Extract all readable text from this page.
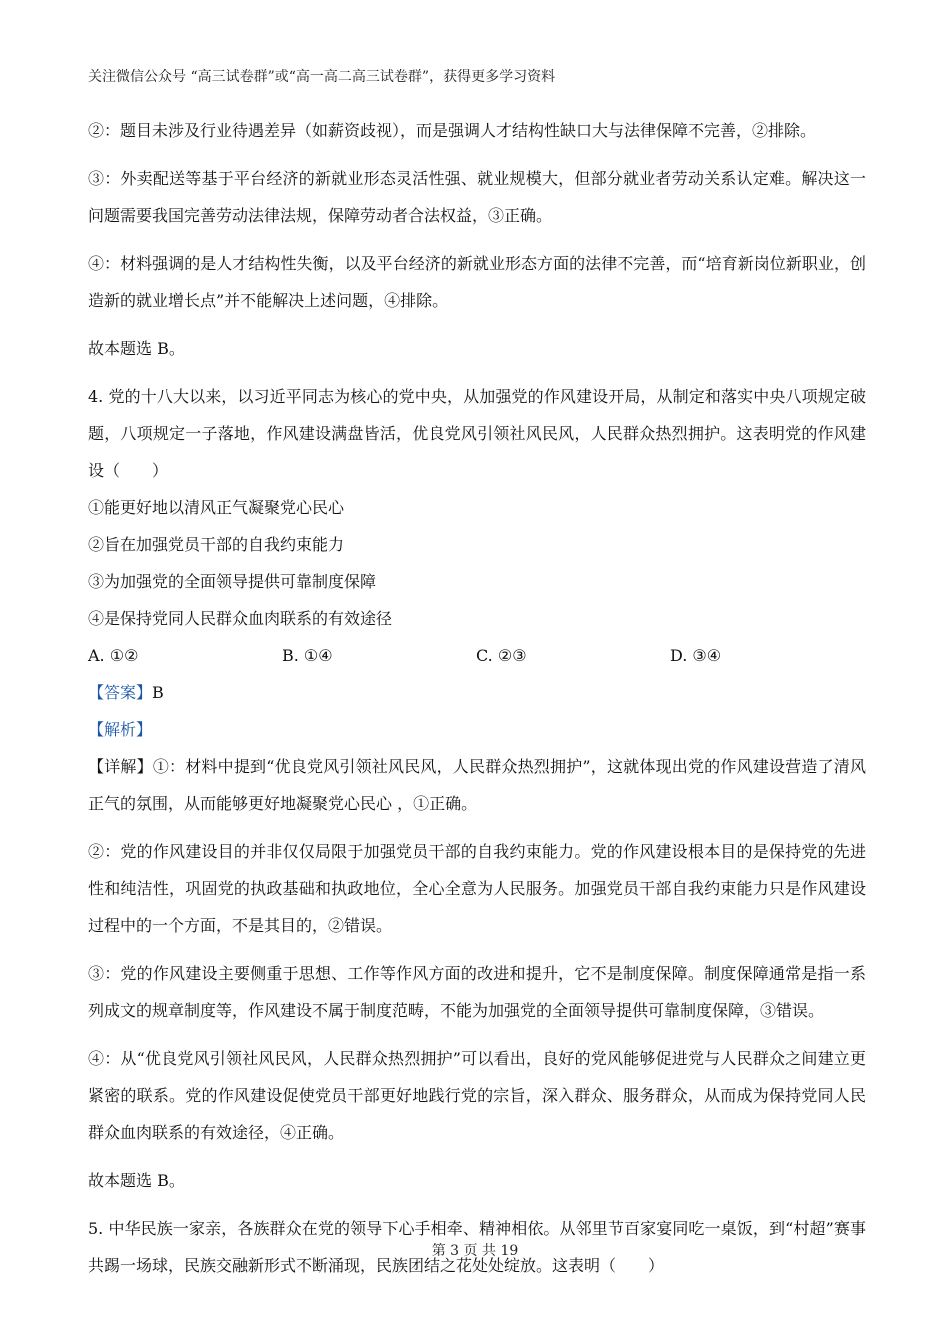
关注微信公众号 “高三试卷群”或“高一高二高三试卷群”，获得更多学习资料

②：题目未涉及行业待遇差异（如薪资歧视），而是强调人才结构性缺口大与法律保障不完善，②排除。

③：外卖配送等基于平台经济的新就业形态灵活性强、就业规模大，但部分就业者劳动关系认定难。解决这一问题需要我国完善劳动法律法规，保障劳动者合法权益，③正确。

④：材料强调的是人才结构性失衡，以及平台经济的新就业形态方面的法律不完善，而“培育新岗位新职业，创造新的就业增长点”并不能解决上述问题，④排除。

故本题选 B。

4. 党的十八大以来，以习近平同志为核心的党中央，从加强党的作风建设开局，从制定和落实中央八项规定破题，八项规定一子落地，作风建设满盘皆活，优良党风引领社风民风，人民群众热烈拥护。这表明党的作风建设（　　）

①能更好地以清风正气凝聚党心民心

②旨在加强党员干部的自我约束能力

③为加强党的全面领导提供可靠制度保障

④是保持党同人民群众血肉联系的有效途径

A. ①②	B. ①④	C. ②③	D. ③④

【答案】B

【解析】

【详解】①：材料中提到“优良党风引领社风民风，人民群众热烈拥护”，这就体现出党的作风建设营造了清风正气的氛围，从而能够更好地凝聚党心民心 ，①正确。

②：党的作风建设目的并非仅仅局限于加强党员干部的自我约束能力。党的作风建设根本目的是保持党的先进性和纯洁性，巩固党的执政基础和执政地位，全心全意为人民服务。加强党员干部自我约束能力只是作风建设过程中的一个方面，不是其目的，②错误。

③：党的作风建设主要侧重于思想、工作等作风方面的改进和提升，它不是制度保障。制度保障通常是指一系列成文的规章制度等，作风建设不属于制度范畴，不能为加强党的全面领导提供可靠制度保障，③错误。

④：从“优良党风引领社风民风，人民群众热烈拥护”可以看出，良好的党风能够促进党与人民群众之间建立更紧密的联系。党的作风建设促使党员干部更好地践行党的宗旨，深入群众、服务群众，从而成为保持党同人民群众血肉联系的有效途径，④正确。

故本题选 B。

5. 中华民族一家亲，各族群众在党的领导下心手相牵、精神相依。从邻里节百家宴同吃一桌饭，到“村超”赛事共踢一场球，民族交融新形式不断涌现，民族团结之花处处绽放。这表明（　　）

第 3 页 共 19
